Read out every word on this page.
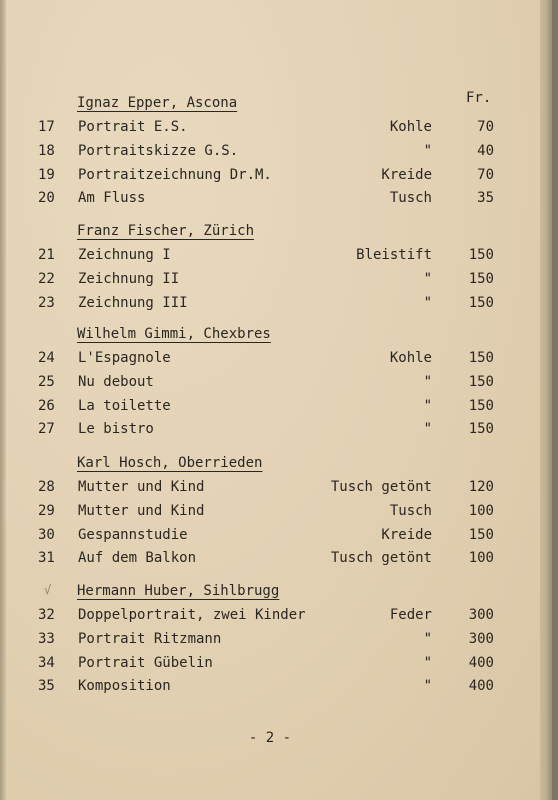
Fr.
Ignaz Epper, Ascona
17 Portrait E.S.	Kohle	70
18 Portraitskizze G.S.	"	40
19 Portraitzeichnung Dr.M.	Kreide	70
20 Am Fluss	Tusch	35
Franz Fischer, Zürich
21 Zeichnung I	Bleistift	150
22 Zeichnung II	"	150
23 Zeichnung III	"	150
Wilhelm Gimmi, Chexbres
24 L'Espagnole	Kohle	150
25 Nu debout	"	150
26 La toilette	"	150
27 Le bistro	"	150
Karl Hosch, Oberrieden
28 Mutter und Kind	Tusch getönt	120
29 Mutter und Kind	Tusch	100
30 Gespannstudie	Kreide	150
31 Auf dem Balkon	Tusch getönt	100
Hermann Huber, Sihlbrugg
32 Doppelportrait, zwei Kinder	Feder	300
33 Portrait Ritzmann	"	300
34 Portrait Gübelin	"	400
35 Komposition	"	400
√
- 2 -
